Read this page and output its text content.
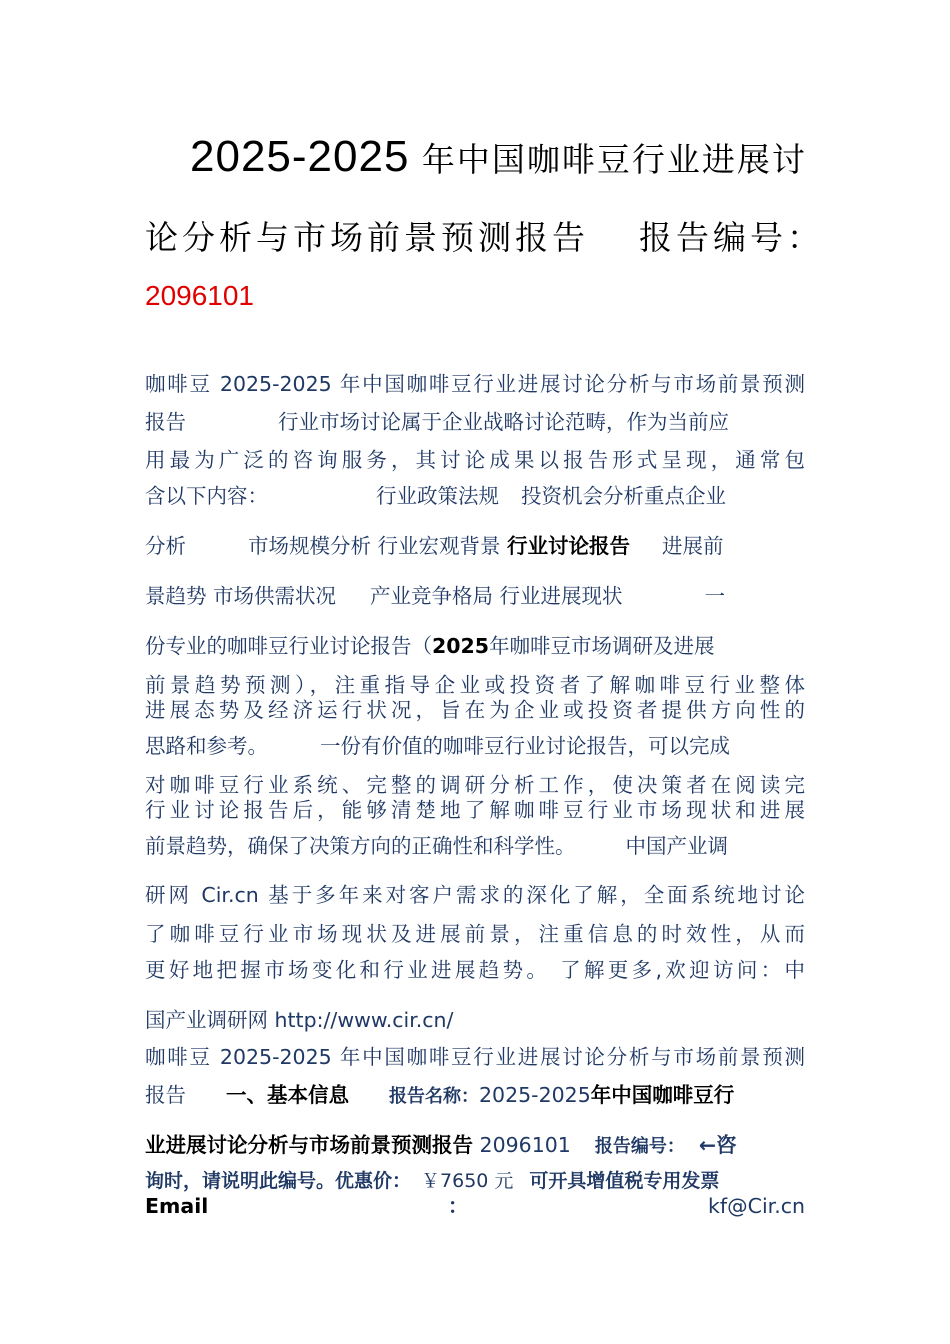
2025-2025 年中国咖啡豆行业进展讨
论分析与市场前景预测报告 报告编号：
2096101
咖啡豆 2025-2025 年中国咖啡豆行业进展讨论分析与市场前景预测
报告	行业市场讨论属于企业战略讨论范畴，作为当前应
用最为广泛的咨询服务，其讨论成果以报告形式呈现，通常包
含以下内容：	行业政策法规 投资机会分析重点企业
分析	市场规模分析 行业宏观背景 行业讨论报告 进展前
景趋势 市场供需状况 产业竞争格局 行业进展现状	一
份专业的咖啡豆行业讨论报告（2025年咖啡豆市场调研及进展
前景趋势预测），注重指导企业或投资者了解咖啡豆行业整体
进展态势及经济运行状况，旨在为企业或投资者提供方向性的
思路和参考。	一份有价值的咖啡豆行业讨论报告，可以完成
对咖啡豆行业系统、完整的调研分析工作，使决策者在阅读完
行业讨论报告后，能够清楚地了解咖啡豆行业市场现状和进展
前景趋势，确保了决策方向的正确性和科学性。 中国产业调
研网 Cir.cn 基于多年来对客户需求的深化了解，全面系统地讨论
了咖啡豆行业市场现状及进展前景，注重信息的时效性，从而
更好地把握市场变化和行业进展趋势。 了解更多,欢迎访问：中
国产业调研网 http://www.cir.cn/
咖啡豆 2025-2025 年中国咖啡豆行业进展讨论分析与市场前景预测
报告 一、基本信息 报告名称：2025-2025年中国咖啡豆行
业进展讨论分析与市场前景预测报告 2096101 报告编号： ←咨
询时，请说明此编号。优惠价： ￥7650 元 可开具增值税专用发票
Email	：	kf@Cir.cn
